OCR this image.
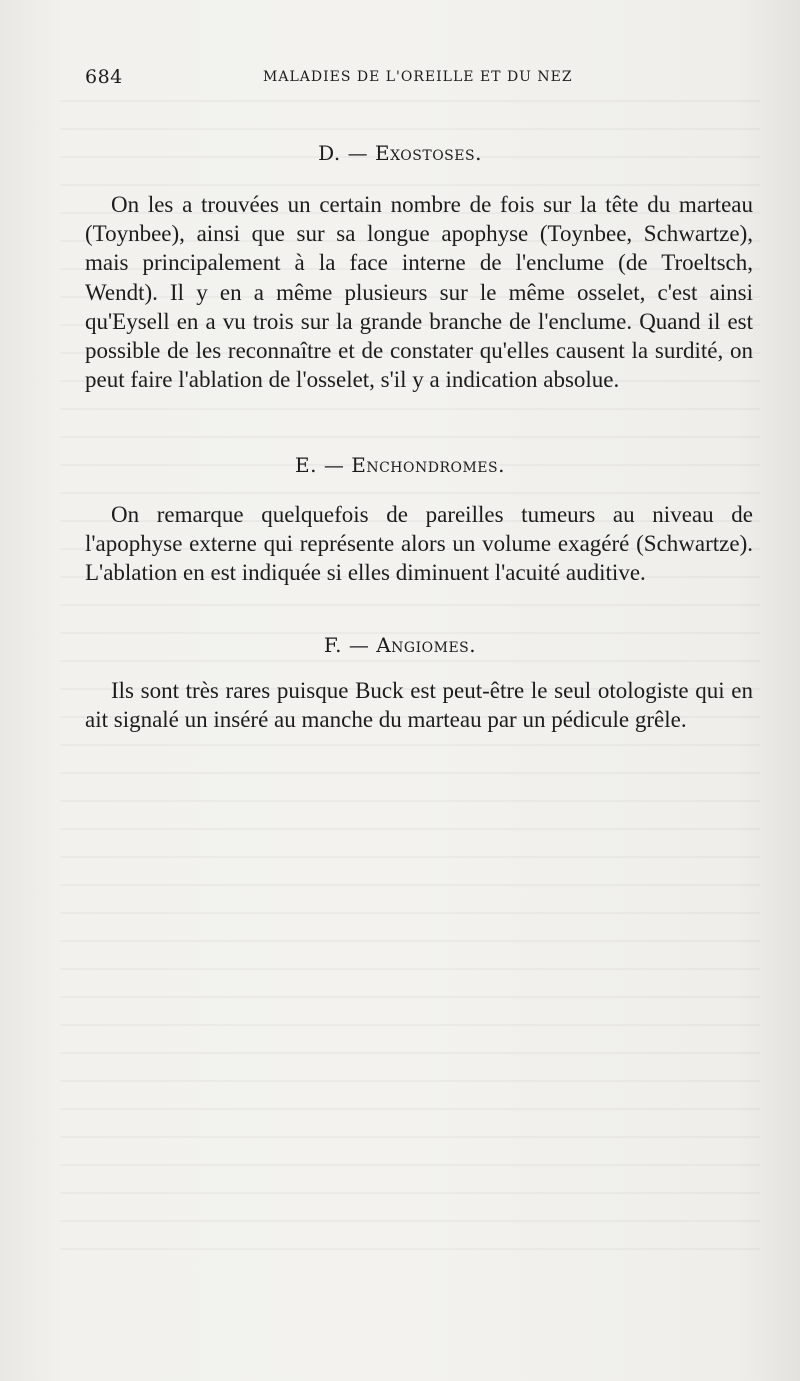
684	MALADIES DE L'OREILLE ET DU NEZ
D. — Exostoses.

On les a trouvées un certain nombre de fois sur la tête du marteau (Toynbee), ainsi que sur sa longue apophyse (Toynbee, Schwartze), mais principalement à la face interne de l'enclume (de Troeltsch, Wendt). Il y en a même plusieurs sur le même osselet, c'est ainsi qu'Eysell en a vu trois sur la grande branche de l'enclume. Quand il est possible de les reconnaître et de constater qu'elles causent la surdité, on peut faire l'ablation de l'osselet, s'il y a indication absolue.

E. — Enchondromes.

On remarque quelquefois de pareilles tumeurs au niveau de l'apophyse externe qui représente alors un volume exagéré (Schwartze). L'ablation en est indiquée si elles diminuent l'acuité auditive.

F. — Angiomes.

Ils sont très rares puisque Buck est peut-être le seul otologiste qui en ait signalé un inséré au manche du marteau par un pédicule grêle.
